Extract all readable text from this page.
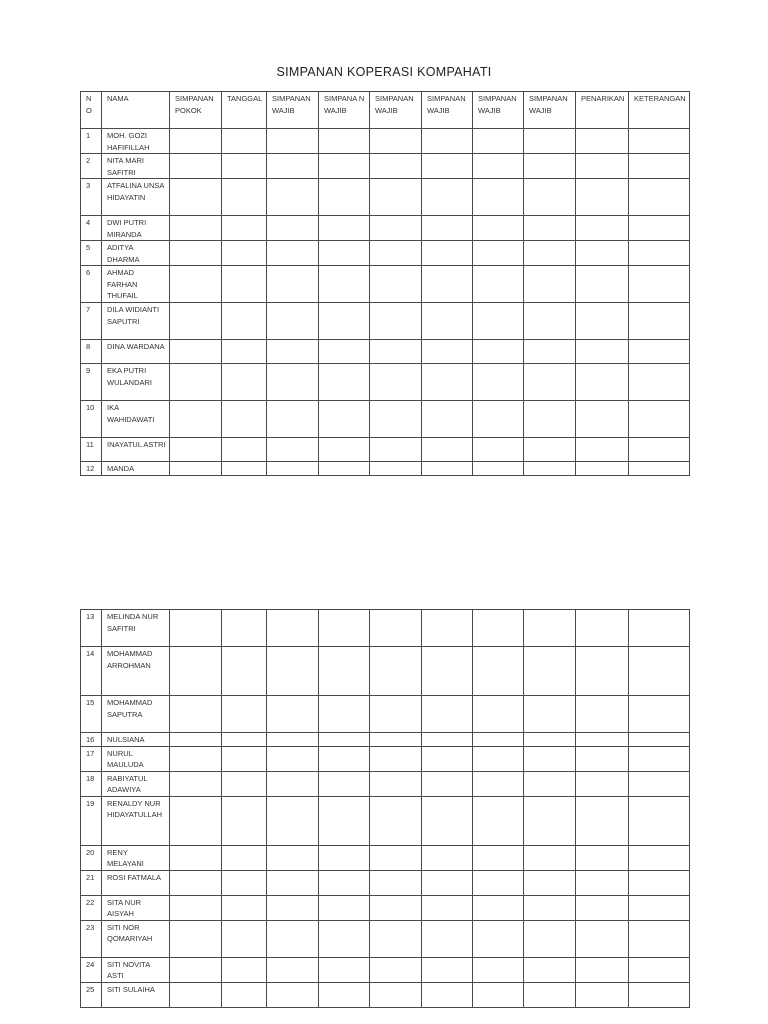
SIMPANAN KOPERASI KOMPAHATI
N O	NAMA	SIMPANAN POKOK	TANGGAL	SIMPANAN WAJIB	SIMPANA N WAJIB	SIMPANAN WAJIB	SIMPANAN WAJIB	SIMPANAN WAJIB	SIMPANAN WAJIB	PENARIKAN	KETERANGAN
1	MOH. GOZI HAFIFILLAH										
2	NITA MARI SAFITRI										
3	ATFALINA UNSA HIDAYATIN										
4	DWI PUTRI MIRANDA										
5	ADITYA DHARMA										
6	AHMAD FARHAN THUFAIL										
7	DILA WIDIANTI SAPUTRI										
8	DINA WARDANA										
9	EKA PUTRI WULANDARI										
10	IKA WAHIDAWATI										
11	INAYATUL ASTRI										
12	MANDA										
13	MELINDA NUR SAFITRI										
14	MOHAMMAD ARROHMAN										
15	MOHAMMAD SAPUTRA										
16	NULSIANA										
17	NURUL MAULUDA										
18	RABIYATUL ADAWIYA										
19	RENALDY NUR HIDAYATULLAH										
20	RENY MELAYANI										
21	ROSI FATMALA										
22	SITA NUR AISYAH										
23	SITI NOR QOMARIYAH										
24	SITI NOVITA ASTI										
25	SITI SULAIHA										
